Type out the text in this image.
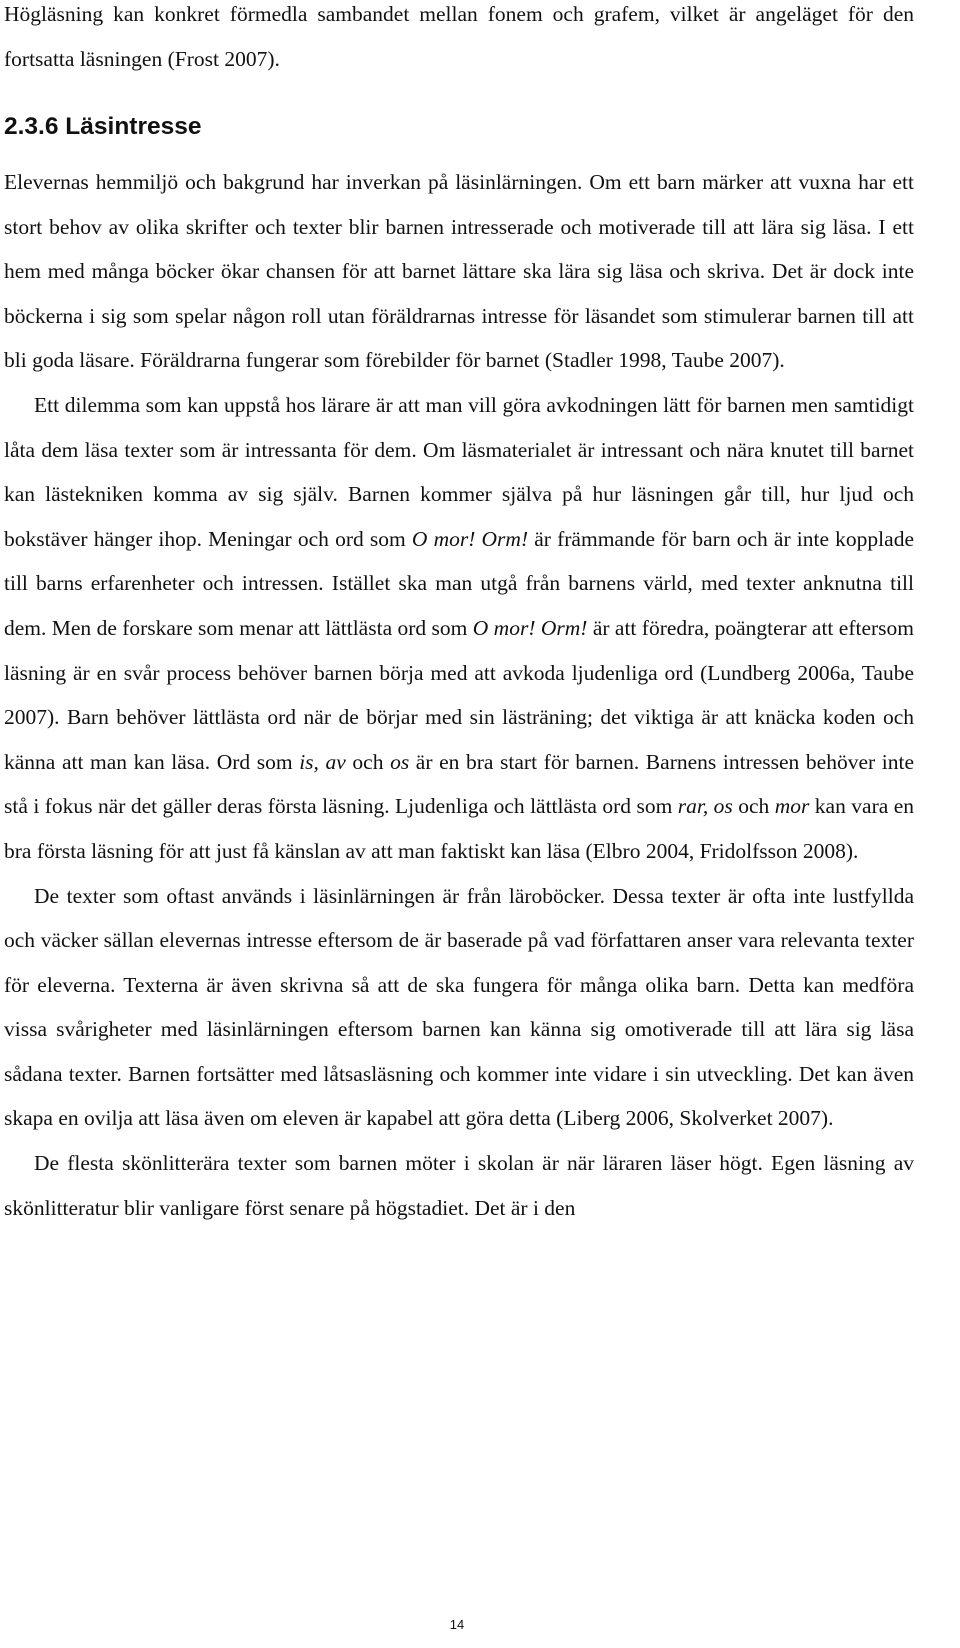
Högläsning kan konkret förmedla sambandet mellan fonem och grafem, vilket är angeläget för den fortsatta läsningen (Frost 2007).

2.3.6 Läsintresse

Elevernas hemmiljö och bakgrund har inverkan på läsinlärningen. Om ett barn märker att vuxna har ett stort behov av olika skrifter och texter blir barnen intresserade och motiverade till att lära sig läsa. I ett hem med många böcker ökar chansen för att barnet lättare ska lära sig läsa och skriva. Det är dock inte böckerna i sig som spelar någon roll utan föräldrarnas intresse för läsandet som stimulerar barnen till att bli goda läsare. Föräldrarna fungerar som förebilder för barnet (Stadler 1998, Taube 2007).

Ett dilemma som kan uppstå hos lärare är att man vill göra avkodningen lätt för barnen men samtidigt låta dem läsa texter som är intressanta för dem. Om läsmaterialet är intressant och nära knutet till barnet kan lästekniken komma av sig själv. Barnen kommer själva på hur läsningen går till, hur ljud och bokstäver hänger ihop. Meningar och ord som O mor! Orm! är främmande för barn och är inte kopplade till barns erfarenheter och intressen. Istället ska man utgå från barnens värld, med texter anknutna till dem. Men de forskare som menar att lättlästa ord som O mor! Orm! är att föredra, poängterar att eftersom läsning är en svår process behöver barnen börja med att avkoda ljudenliga ord (Lundberg 2006a, Taube 2007). Barn behöver lättlästa ord när de börjar med sin lästräning; det viktiga är att knäcka koden och känna att man kan läsa. Ord som is, av och os är en bra start för barnen. Barnens intressen behöver inte stå i fokus när det gäller deras första läsning. Ljudenliga och lättlästa ord som rar, os och mor kan vara en bra första läsning för att just få känslan av att man faktiskt kan läsa (Elbro 2004, Fridolfsson 2008).

De texter som oftast används i läsinlärningen är från läroböcker. Dessa texter är ofta inte lustfyllda och väcker sällan elevernas intresse eftersom de är baserade på vad författaren anser vara relevanta texter för eleverna. Texterna är även skrivna så att de ska fungera för många olika barn. Detta kan medföra vissa svårigheter med läsinlärningen eftersom barnen kan känna sig omotiverade till att lära sig läsa sådana texter. Barnen fortsätter med låtsasläsning och kommer inte vidare i sin utveckling. Det kan även skapa en ovilja att läsa även om eleven är kapabel att göra detta (Liberg 2006, Skolverket 2007).

De flesta skönlitterära texter som barnen möter i skolan är när läraren läser högt. Egen läsning av skönlitteratur blir vanligare först senare på högstadiet. Det är i den

14
